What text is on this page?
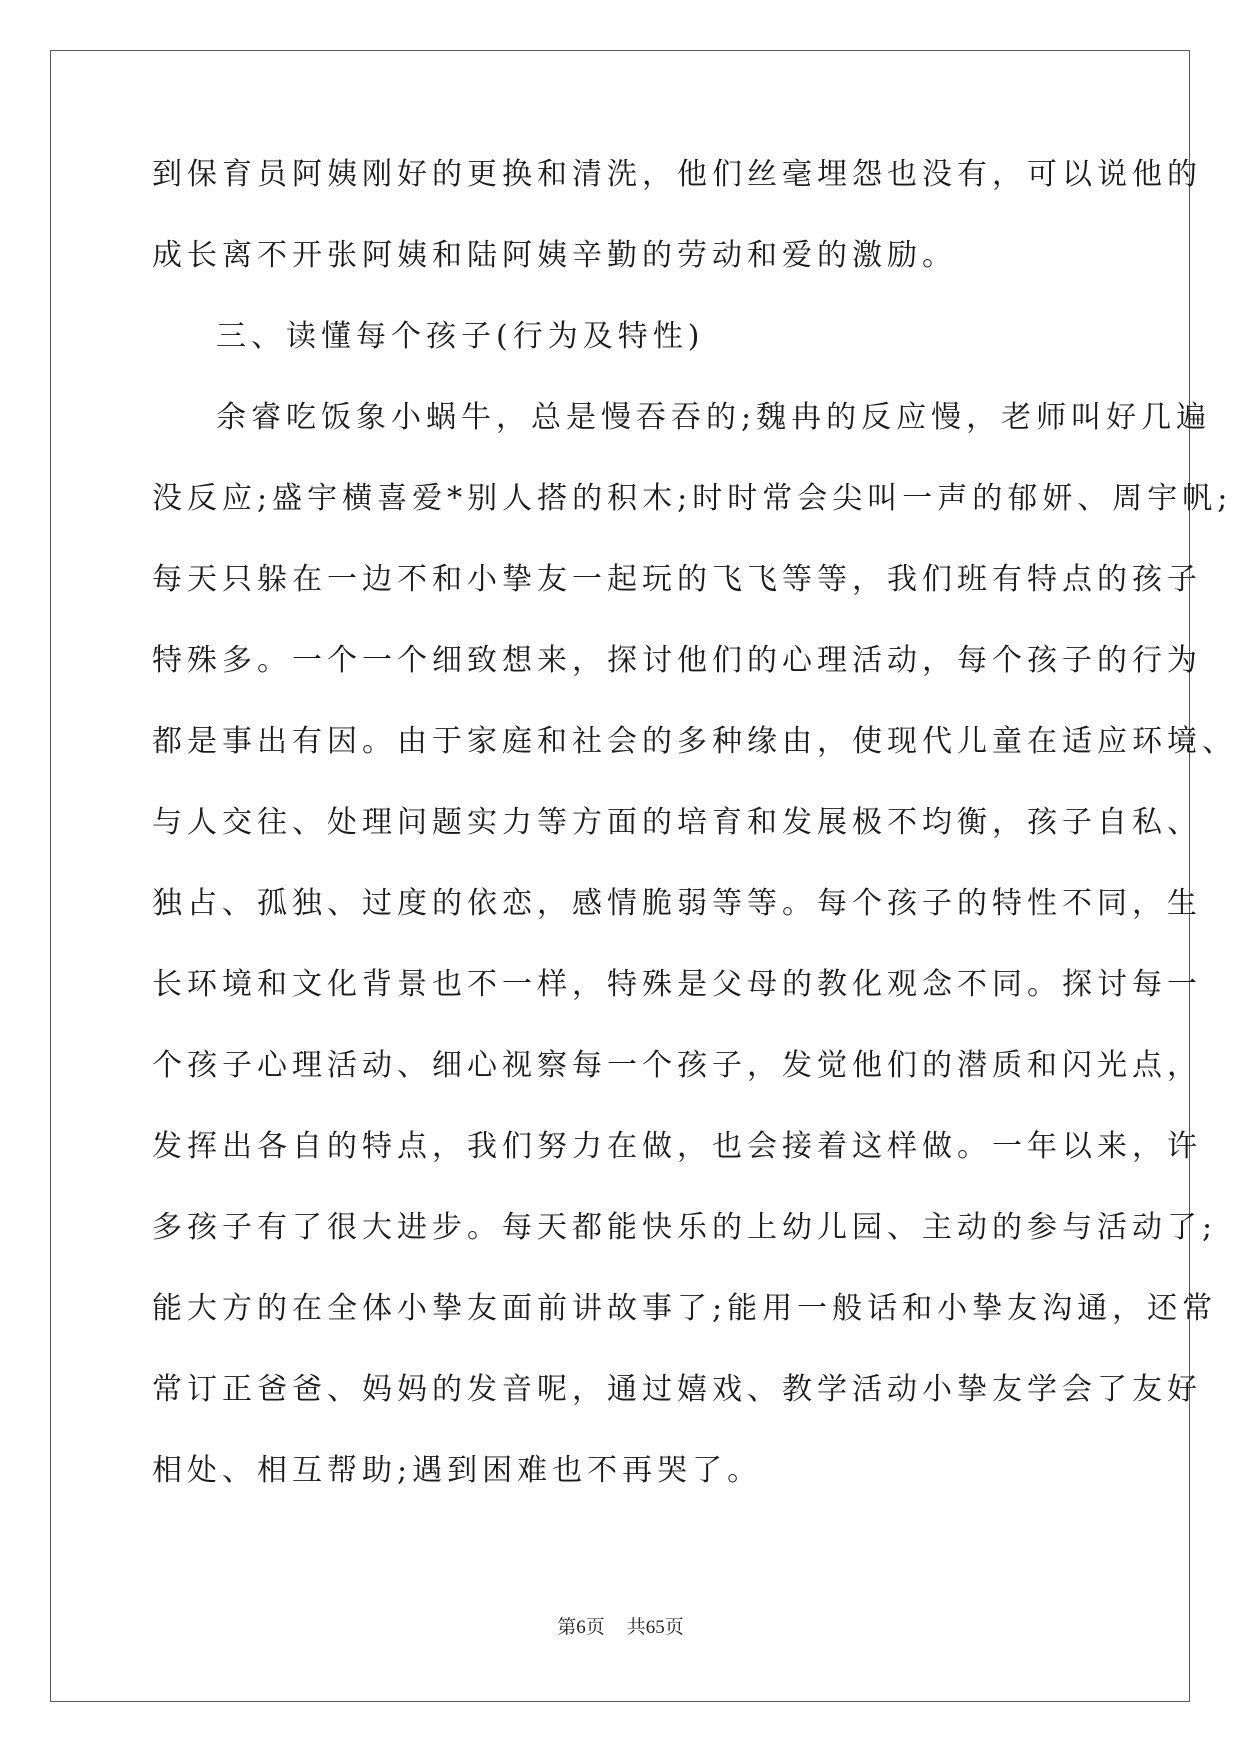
到保育员阿姨刚好的更换和清洗，他们丝毫埋怨也没有，可以说他的
成长离不开张阿姨和陆阿姨辛勤的劳动和爱的激励。
三、读懂每个孩子(行为及特性)
余睿吃饭象小蜗牛，总是慢吞吞的;魏冉的反应慢，老师叫好几遍
没反应;盛宇横喜爱*别人搭的积木;时时常会尖叫一声的郁妍、周宇帆;
每天只躲在一边不和小挚友一起玩的飞飞等等，我们班有特点的孩子
特殊多。一个一个细致想来，探讨他们的心理活动，每个孩子的行为
都是事出有因。由于家庭和社会的多种缘由，使现代儿童在适应环境、
与人交往、处理问题实力等方面的培育和发展极不均衡，孩子自私、
独占、孤独、过度的依恋，感情脆弱等等。每个孩子的特性不同，生
长环境和文化背景也不一样，特殊是父母的教化观念不同。探讨每一
个孩子心理活动、细心视察每一个孩子，发觉他们的潜质和闪光点，
发挥出各自的特点，我们努力在做，也会接着这样做。一年以来，许
多孩子有了很大进步。每天都能快乐的上幼儿园、主动的参与活动了;
能大方的在全体小挚友面前讲故事了;能用一般话和小挚友沟通，还常
常订正爸爸、妈妈的发音呢，通过嬉戏、教学活动小挚友学会了友好
相处、相互帮助;遇到困难也不再哭了。
第6页 共65页
